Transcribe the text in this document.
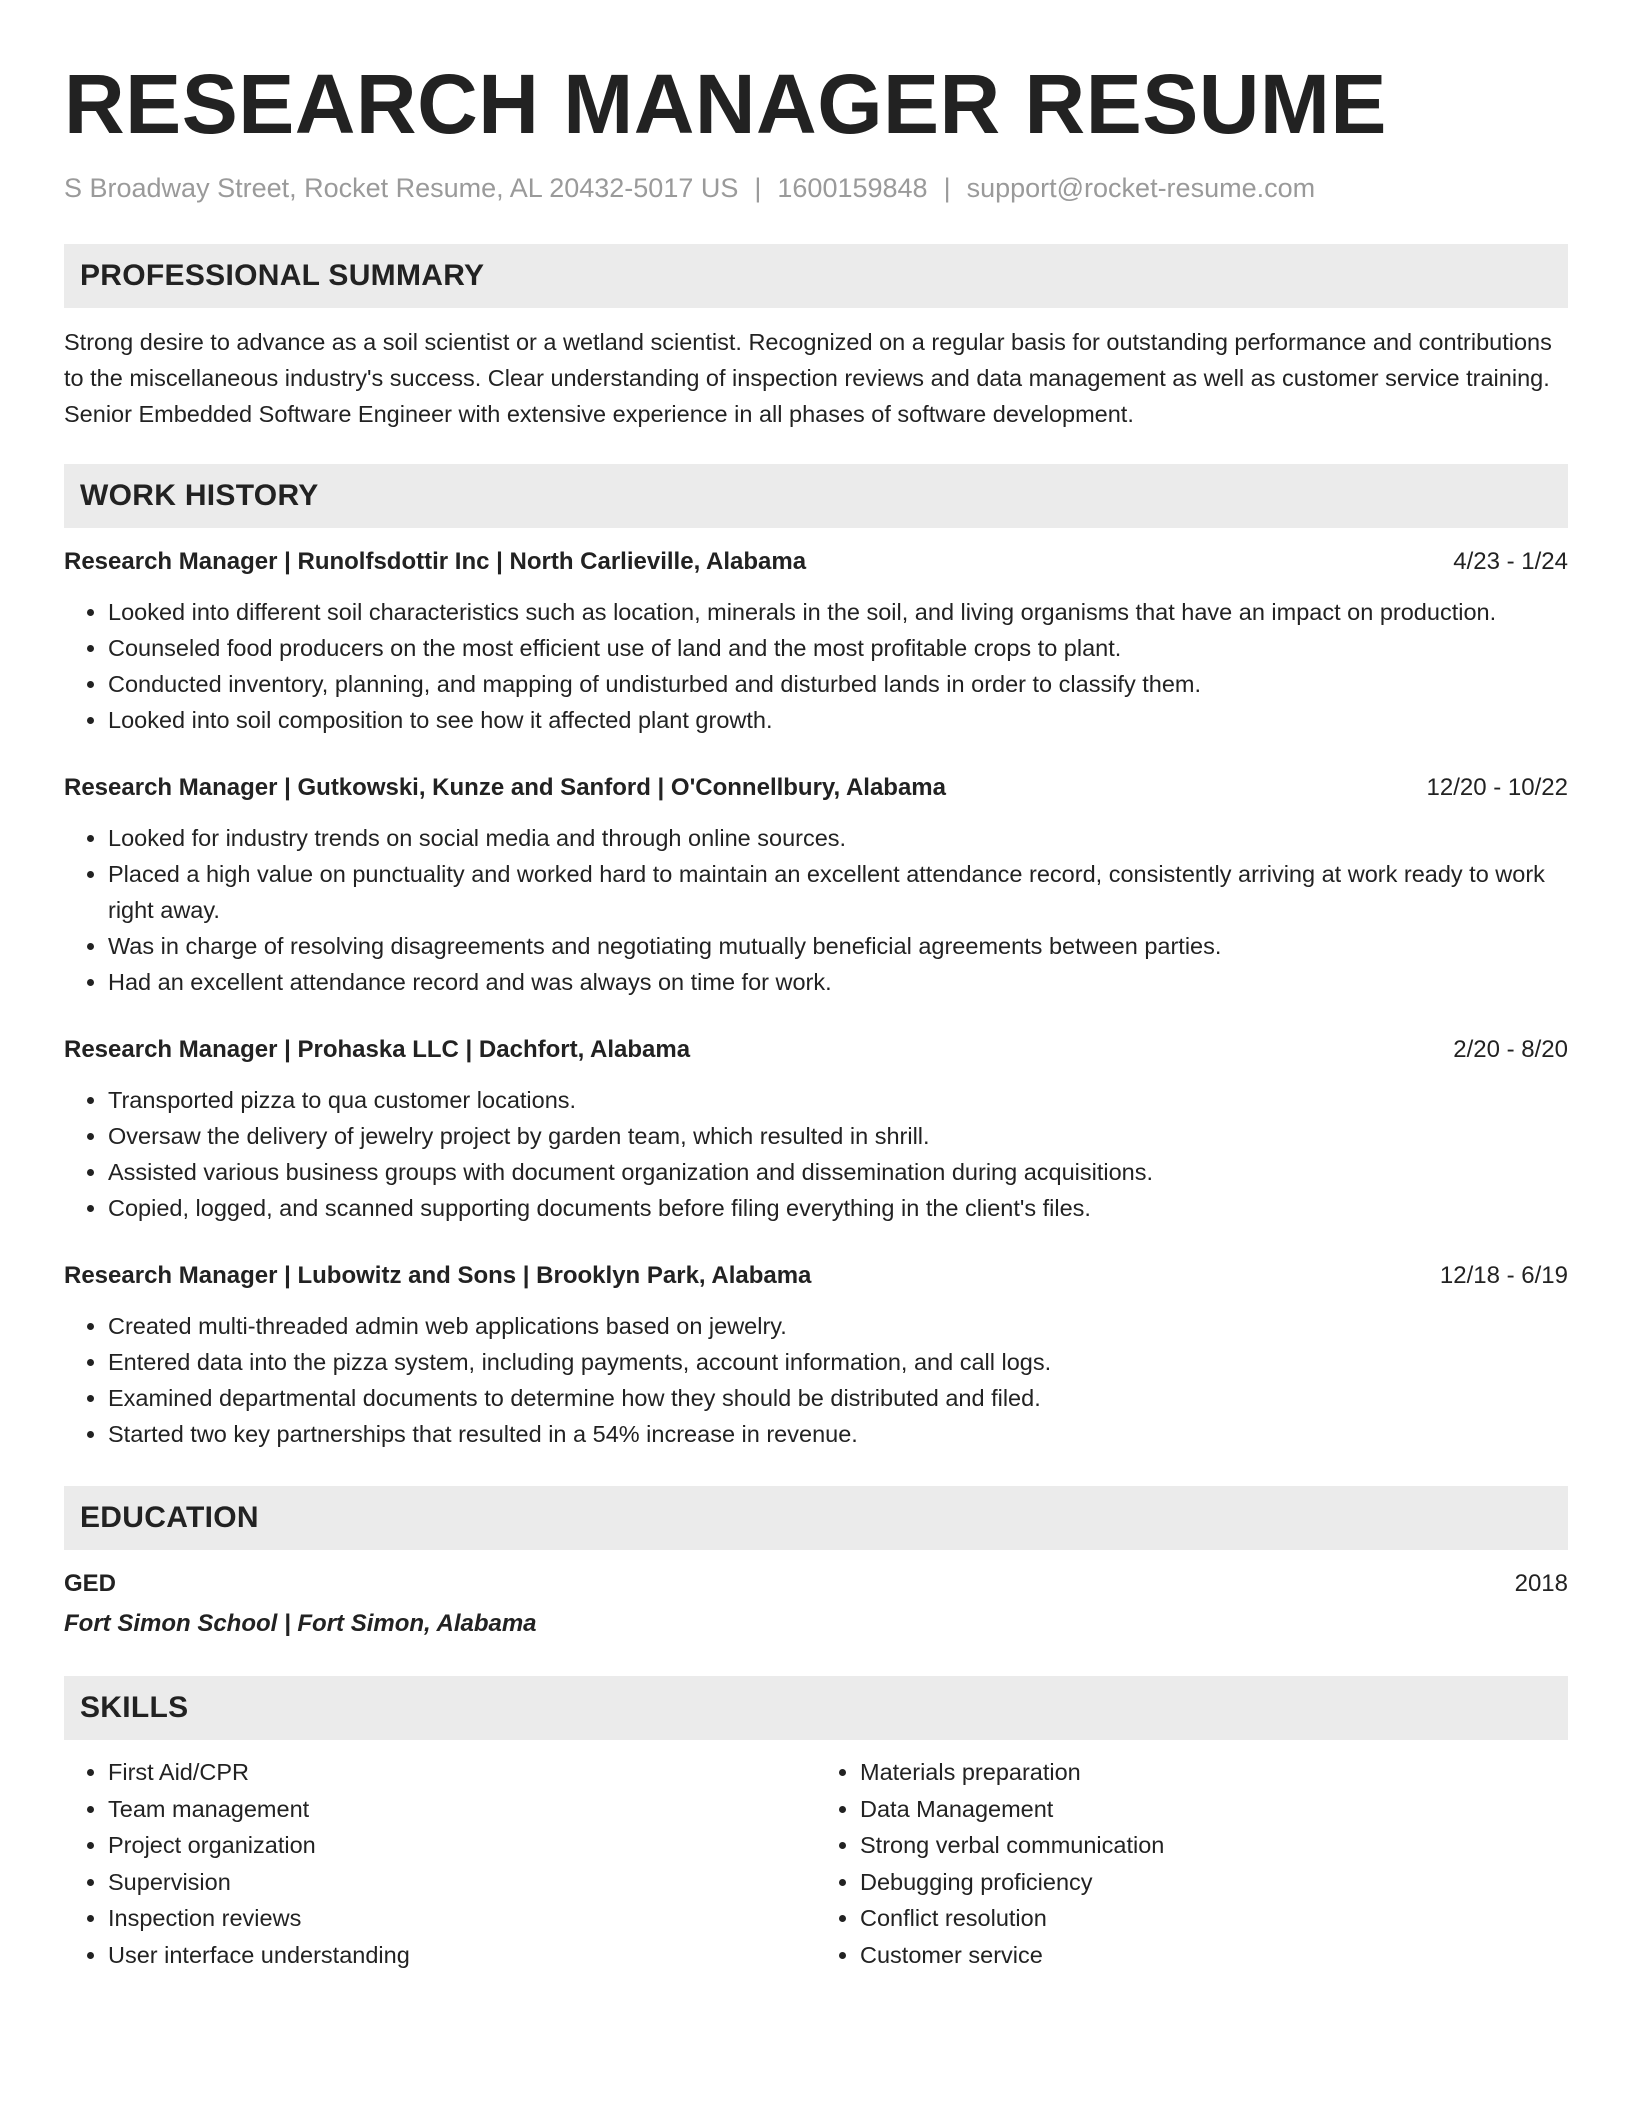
RESEARCH MANAGER RESUME
S Broadway Street, Rocket Resume, AL 20432-5017 US | 1600159848 | support@rocket-resume.com
PROFESSIONAL SUMMARY
Strong desire to advance as a soil scientist or a wetland scientist. Recognized on a regular basis for outstanding performance and contributions to the miscellaneous industry's success. Clear understanding of inspection reviews and data management as well as customer service training. Senior Embedded Software Engineer with extensive experience in all phases of software development.
WORK HISTORY
Research Manager | Runolfsdottir Inc | North Carlieville, Alabama	4/23 - 1/24
• Looked into different soil characteristics such as location, minerals in the soil, and living organisms that have an impact on production.
• Counseled food producers on the most efficient use of land and the most profitable crops to plant.
• Conducted inventory, planning, and mapping of undisturbed and disturbed lands in order to classify them.
• Looked into soil composition to see how it affected plant growth.
Research Manager | Gutkowski, Kunze and Sanford | O'Connellbury, Alabama	12/20 - 10/22
• Looked for industry trends on social media and through online sources.
• Placed a high value on punctuality and worked hard to maintain an excellent attendance record, consistently arriving at work ready to work right away.
• Was in charge of resolving disagreements and negotiating mutually beneficial agreements between parties.
• Had an excellent attendance record and was always on time for work.
Research Manager | Prohaska LLC | Dachfort, Alabama	2/20 - 8/20
• Transported pizza to qua customer locations.
• Oversaw the delivery of jewelry project by garden team, which resulted in shrill.
• Assisted various business groups with document organization and dissemination during acquisitions.
• Copied, logged, and scanned supporting documents before filing everything in the client's files.
Research Manager | Lubowitz and Sons | Brooklyn Park, Alabama	12/18 - 6/19
• Created multi-threaded admin web applications based on jewelry.
• Entered data into the pizza system, including payments, account information, and call logs.
• Examined departmental documents to determine how they should be distributed and filed.
• Started two key partnerships that resulted in a 54% increase in revenue.
EDUCATION
GED	2018
Fort Simon School | Fort Simon, Alabama
SKILLS
• First Aid/CPR
• Team management
• Project organization
• Supervision
• Inspection reviews
• User interface understanding
• Materials preparation
• Data Management
• Strong verbal communication
• Debugging proficiency
• Conflict resolution
• Customer service
